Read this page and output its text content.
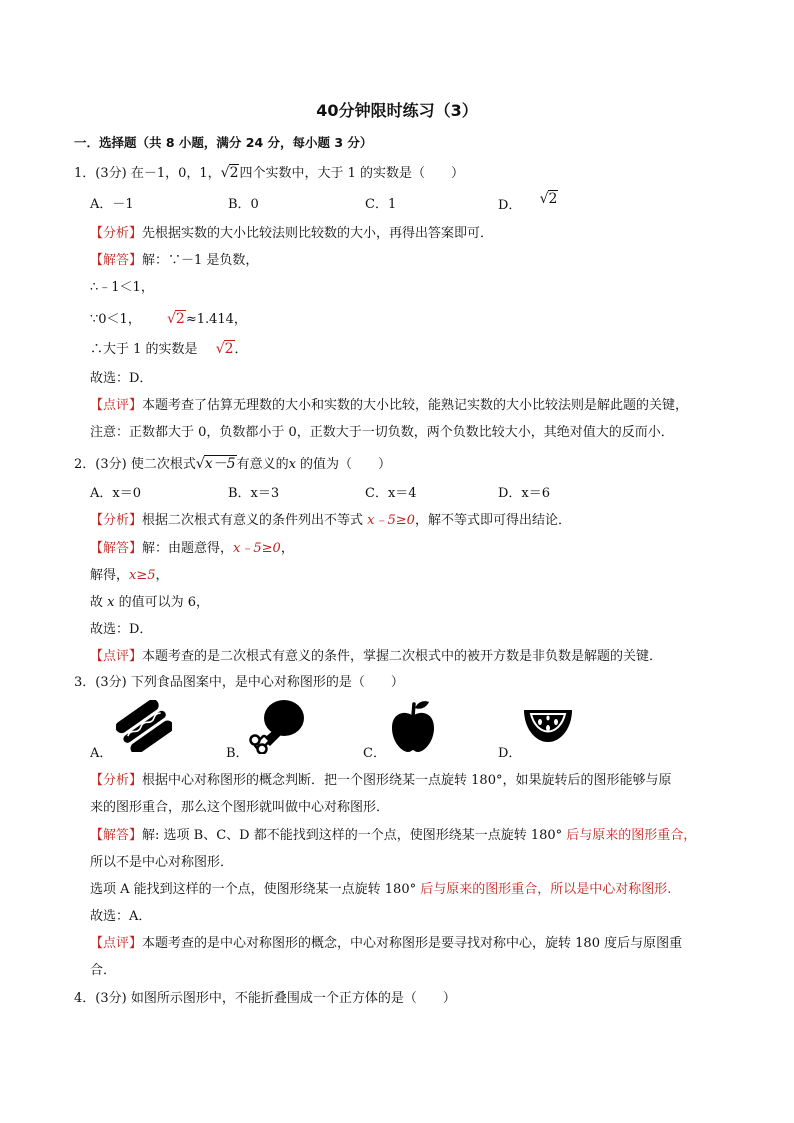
40分钟限时练习（3）
一．选择题（共 8 小题，满分 24 分，每小题 3 分）
1．(3分) 在－1，0，1，√2四个实数中，大于 1 的实数是（　　）
A．－1	B．0	C．1	D． √2
【分析】先根据实数的大小比较法则比较数的大小，再得出答案即可．
【解答】解：∵－1 是负数，
∴﹣1＜1，
∵0＜1， √2≈1.414，
∴大于 1 的实数是 √2．
故选：D．
【点评】本题考查了估算无理数的大小和实数的大小比较，能熟记实数的大小比较法则是解此题的关键，
注意：正数都大于 0，负数都小于 0，正数大于一切负数，两个负数比较大小，其绝对值大的反而小．
2．(3分) 使二次根式√x－5有意义的x 的值为（　　）
A．x＝0	B．x＝3	C．x＝4	D．x＝6
【分析】根据二次根式有意义的条件列出不等式 x﹣5≥0，解不等式即可得出结论．
【解答】解：由题意得，x﹣5≥0，
解得，x≥5，
故 x 的值可以为 6，
故选：D．
【点评】本题考查的是二次根式有意义的条件，掌握二次根式中的被开方数是非负数是解题的关键．
3．(3分) 下列食品图案中，是中心对称图形的是（　　）
A．	B．	C．	D．
【分析】根据中心对称图形的概念判断．把一个图形绕某一点旋转 180°，如果旋转后的图形能够与原
来的图形重合，那么这个图形就叫做中心对称图形．
【解答】解: 选项 B、C、D 都不能找到这样的一个点，使图形绕某一点旋转 180° 后与原来的图形重合，
所以不是中心对称图形．
选项 A 能找到这样的一个点，使图形绕某一点旋转 180° 后与原来的图形重合，所以是中心对称图形.
故选：A．
【点评】本题考查的是中心对称图形的概念，中心对称图形是要寻找对称中心，旋转 180 度后与原图重
合．
4．(3分) 如图所示图形中，不能折叠围成一个正方体的是（　　）
